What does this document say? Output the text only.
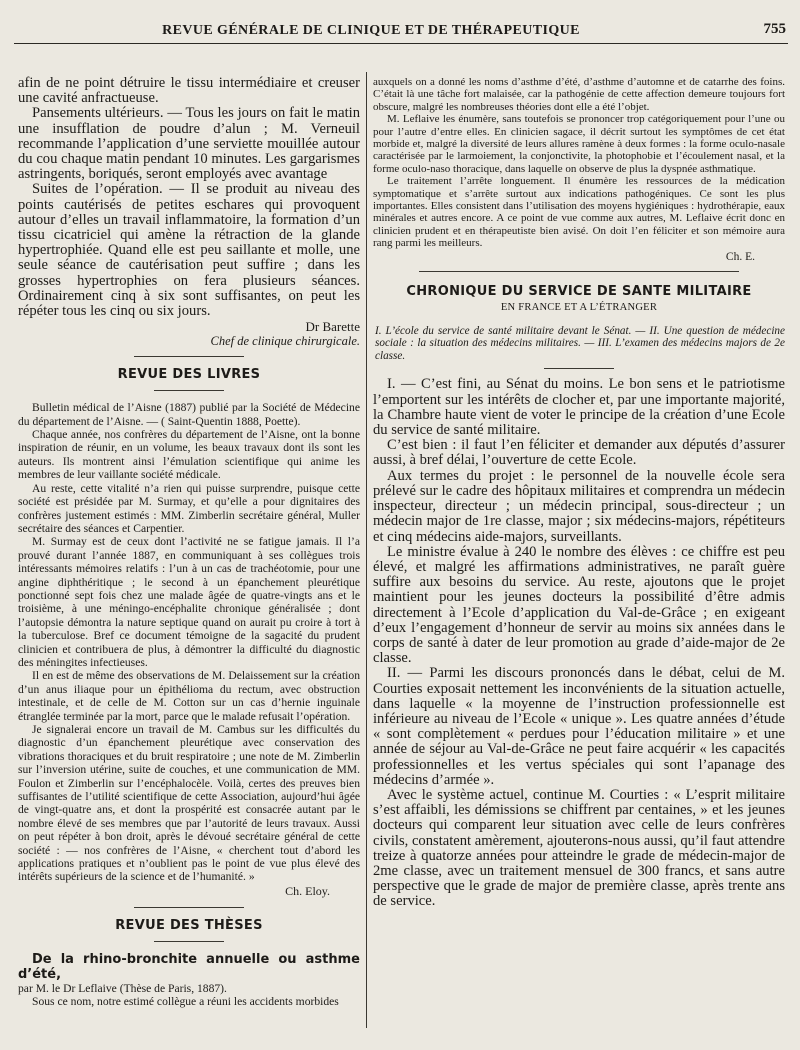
REVUE GÉNÉRALE DE CLINIQUE ET DE THÉRAPEUTIQUE	755

afin de ne point détruire le tissu intermédiaire et creuser une cavité anfractueuse.

Pansements ultérieurs. — Tous les jours on fait le matin une insufflation de poudre d’alun ; M. Verneuil recommande l’application d’une serviette mouillée autour du cou chaque matin pendant 10 minutes. Les gargarismes astringents, boriqués, seront employés avec avantage

Suites de l’opération. — Il se produit au niveau des points cautérisés de petites eschares qui provoquent autour d’elles un travail inflammatoire, la formation d’un tissu cicatriciel qui amène la rétraction de la glande hypertrophiée. Quand elle est peu saillante et molle, une seule séance de cautérisation peut suffire ; dans les grosses hypertrophies on fera plusieurs séances. Ordinairement cinq à six sont suffisantes, on peut les répéter tous les cinq ou six jours.

Dr Barette
Chef de clinique chirurgicale.
REVUE DES LIVRES

Bulletin médical de l’Aisne (1887) publié par la Société de Médecine du département de l’Aisne. — ( Saint-Quentin 1888, Poette).

Chaque année, nos confrères du département de l’Aisne, ont la bonne inspiration de réunir, en un volume, les beaux travaux dont ils sont les auteurs. Ils montrent ainsi l’émulation scientifique qui anime les membres de leur vaillante société médicale.

Au reste, cette vitalité n’a rien qui puisse surprendre, puisque cette société est présidée par M. Surmay, et qu’elle a pour dignitaires des confrères justement estimés : MM. Zimberlin secrétaire général, Muller secrétaire des séances et Carpentier.

M. Surmay est de ceux dont l’activité ne se fatigue jamais. Il l’a prouvé durant l’année 1887, en communiquant à ses collègues trois intéressants mémoires relatifs : l’un à un cas de trachéotomie, pour une angine diphthéritique ; le second à un épanchement pleurétique ponctionné sept fois chez une malade âgée de quatre-vingts ans et le troisième, à une méningo-encéphalite chronique généralisée ; dont l’autopsie démontra la nature septique quand on aurait pu croire à tort à la tuberculose. Bref ce document témoigne de la sagacité du prudent clinicien et contribuera de plus, à démontrer la difficulté du diagnostic des méningites infectieuses.

Il en est de même des observations de M. Delaissement sur la création d’un anus iliaque pour un épithélioma du rectum, avec obstruction intestinale, et de celle de M. Cotton sur un cas d’hernie inguinale étranglée terminée par la mort, parce que le malade refusait l’opération.

Je signalerai encore un travail de M. Cambus sur les difficultés du diagnostic d’un épanchement pleurétique avec conservation des vibrations thoraciques et du bruit respiratoire ; une note de M. Zimberlin sur l’inversion utérine, suite de couches, et une communication de MM. Foulon et Zimberlin sur l’encéphalocèle. Voilà, certes des preuves bien suffisantes de l’utilité scientifique de cette Association, aujourd’hui âgée de vingt-quatre ans, et dont la prospérité est consacrée autant par le nombre élevé de ses membres que par l’autorité de leurs travaux. Aussi on peut répéter à bon droit, après le dévoué secrétaire général de cette société : — nos confrères de l’Aisne, « cherchent tout d’abord les applications pratiques et n’oublient pas le point de vue plus élevé des intérêts supérieurs de la science et de l’humanité. »

Ch. Eloy.
REVUE DES THÈSES
De la rhino-bronchite annuelle ou asthme d’été,
par M. le Dr Leflaive (Thèse de Paris, 1887).

Sous ce nom, notre estimé collègue a réuni les accidents morbides

auxquels on a donné les noms d’asthme d’été, d’asthme d’automne et de catarrhe des foins. C’était là une tâche fort malaisée, car la pathogénie de cette affection demeure toujours fort obscure, malgré les nombreuses théories dont elle a été l’objet.

M. Leflaive les énumère, sans toutefois se prononcer trop catégoriquement pour l’une ou pour l’autre d’entre elles. En clinicien sagace, il décrit surtout les symptômes de cet état morbide et, malgré la diversité de leurs allures ramène à deux formes : la forme oculo-nasale caractérisée par le larmoiement, la conjonctivite, la photophobie et l’écoulement nasal, et la forme oculo-naso thoracique, dans laquelle on observe de plus la dyspnée asthmatique.

Le traitement l’arrête longuement. Il énumère les ressources de la médication symptomatique et s’arrête surtout aux indications pathogéniques. Ce sont les plus importantes. Elles consistent dans l’utilisation des moyens hygiéniques : hydrothérapie, eaux minérales et autres encore. A ce point de vue comme aux autres, M. Leflaive écrit donc en clinicien prudent et en thérapeutiste bien avisé. On doit l’en féliciter et son mémoire aura rang parmi les meilleurs.

Ch. E.
CHRONIQUE DU SERVICE DE SANTE MILITAIRE
EN FRANCE ET A L’ÉTRANGER

I. L’école du service de santé militaire devant le Sénat. — II. Une question de médecine sociale : la situation des médecins militaires. — III. L’examen des médecins majors de 2e classe.

I. — C’est fini, au Sénat du moins. Le bon sens et le patriotisme l’emportent sur les intérêts de clocher et, par une importante majorité, la Chambre haute vient de voter le principe de la création d’une Ecole du service de santé militaire.

C’est bien : il faut l’en féliciter et demander aux députés d’assurer aussi, à bref délai, l’ouverture de cette Ecole.

Aux termes du projet : le personnel de la nouvelle école sera prélevé sur le cadre des hôpitaux militaires et comprendra un médecin inspecteur, directeur ; un médecin principal, sous-directeur ; un médecin major de 1re classe, major ; six médecins-majors, répétiteurs et cinq médecins aide-majors, surveillants.

Le ministre évalue à 240 le nombre des élèves : ce chiffre est peu élevé, et malgré les affirmations administratives, ne paraît guère suffire aux besoins du service. Au reste, ajoutons que le projet maintient pour les jeunes docteurs la possibilité d’être admis directement à l’Ecole d’application du Val-de-Grâce ; en exigeant d’eux l’engagement d’honneur de servir au moins six années dans le corps de santé à dater de leur promotion au grade d’aide-major de 2e classe.

II. — Parmi les discours prononcés dans le débat, celui de M. Courties exposait nettement les inconvénients de la situation actuelle, dans laquelle « la moyenne de l’instruction professionnelle est inférieure au niveau de l’Ecole « unique ». Les quatre années d’étude « sont complètement « perdues pour l’éducation militaire » et une année de séjour au Val-de-Grâce ne peut faire acquérir « les capacités professionnelles et les vertus spéciales qui sont l’apanage des médecins d’armée ».

Avec le système actuel, continue M. Courties : « L’esprit militaire s’est affaibli, les démissions se chiffrent par centaines, » et les jeunes docteurs qui comparent leur situation avec celle de leurs confrères civils, constatent amèrement, ajouterons-nous aussi, qu’il faut attendre treize à quatorze années pour atteindre le grade de médecin-major de 2me classe, avec un traitement mensuel de 300 francs, et sans autre perspective que le grade de major de première classe, après trente ans de service.
